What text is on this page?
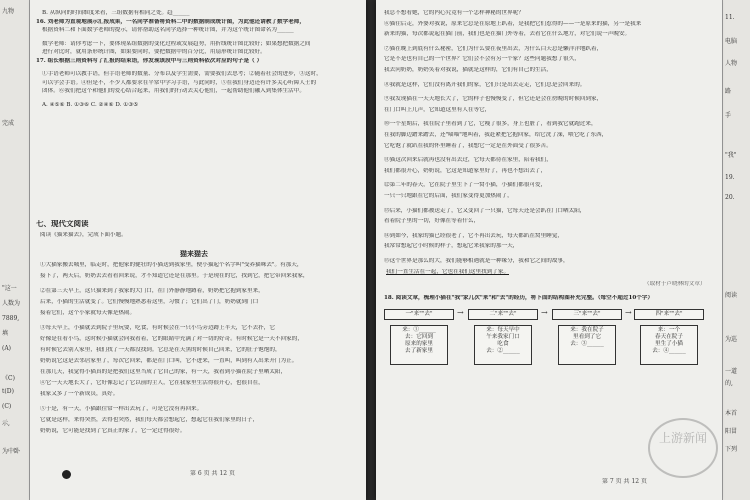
九物
完成
"这一
人数为
7889,
填
(A)
《C)
t(D)
(C)
示,
为中卧
11.
电脑
人物
路
手
"我"
19.
20.
阅读
为巡
一道
的,
本首
阳冒
下列
七、现代文阅读
阅读《猫来猫去》，完成下面小题。
猫来猫去
第 6 页 共 12 页
B. 从纵向的时间维度来看，三组数据有相同之处。趋______
16. 刘老师为直观地展示汇报成果，一名同学准备将资料二中的数据制成统计图，为此他还请教了数学老师，
根据资料二和下面数学老师的提示，请你帮助这名同学选择一种统计图，并为这个统计图命名为______
数学老师：请你考虑一下，要体现某组数据的变化过程或发展趋势，用折线统计图比较好；如果想把数据之间
进行对比时，就用条形统计图，如果要同时，要把数据中的百分比，用扇形统计图比较好。
17. 组长根据三则资料写了汇报的结束语，你发现该段中与三则资料依次对应的句子是（ ）
①手语老师可以教手语，但手语老师的数量、分布以及学生需要，需要我们去思考；②随着社会的进步，③这时，
可以学会手语。④但是不，不少人都要求在平常中学习手语，与此同时，⑤在我们身边还有许多关心听障人士的
团体。⑥我们把这个和他们的爱心结合起来，用我们的行动去关心他们，一起帮助他们融入到集体生活中。
A. ④⑤⑥ B. ①③⑥ C. ②④⑥ D. ①③⑤
①大猫家搬去城里，临走时，把他家的健壮的小猫送到我家里，便小猫起个名字叫"受养猫咪去"。有那天，
接下了，两天后，奶奶去去看看回来说，才不知道它还是在那里。于是现在的它，找到它，把它带回来我家，
②在第三天早上，这只猫来到了我家的大门口，在门外静静地蹲着，奶奶把它抱到家里来，
后来，小猫的生活就变了。它们慢慢地熟悉着这里，习惯了；它们出了门，奶奶就到门口
接着它们，这个小家就每天像是热闹。
③每天早上，小猫就去到院子里玩耍，吃食，有时候会在一只小鸟旁边蹲上半天，它不去扑，它
好像是在看小鸟，这时候小猫就会向我看着，它的眼睛中充满了对一切的好奇。有时候它是一天不回家的，
有时候它去别人家里，我们找了一天都没找到。它总是在天黑的时候自己回来，它的肚子饱饱的，
奶奶说它这是去邻居家里了，每次它回来，都是在门口叫，它不进来，一直叫，叫到有人出来开门为止。
在那几天，我觉得小猫真的是把我们这里当成了它自己的家，有一天，我看到小猫在院子里晒太阳，
④它一天天地长大了，它好像忘记了它以前的主人，它在我家里生活得很开心，也很自在，
我家又多了一个新成员，真好。
⑤于是，有一天，小猫跟往常一样出去玩了，可是它没有再回来。
它就是这样，来得突然，去得也突然，我们每天都会想起它，想起它在我们家里的日子，
奶奶说，它可能是找到了它真正的家了，它一定过得很好。
我们一直生活在一起，它也在我们这里找到了家。
（取材于卢晓林的文章）
18. 阅读文章，梳理小猫在"我"家几次"来"和"去"的经历，将下面的结构图补充完整。（每空不超过10个字）
第 7 页 共 12 页
我总不想看她，它的内心究竟有一个怎样神秘的世界呢？
⑥猫往后走，外婆对我说，原来它总是在原地上趴着，是我把它们惹得的——一是原来的猫，另一是我来
新来的猫，每次都说起在猫门前，我们也是在猫门外等着，去看它在什么地方，对它们说一声晚安。
⑦猫在晚上到底有什么秘密，它们为什么要在夜里出去，为什么白天总是懒洋洋地趴着，
它是不是也有自己的一个世界？它们会不会有另一个家？这些问题我想了很久，
我去问奶奶，奶奶笑着对我说，猫就是这样的，它们有自己的生活，
⑧我就是这样，它们没有离开我们的家，它们只是出去走走，它们总是会回来的。
⑨我发现猫在一天天地长大了，它的样子也慢慢变了，但它还是会在傍晚的时候回到家，
在门口叫上几声，它知道这里有人在等它，
⑩一个星期后，我在院子里看到了它，它瘦了很多，身上也脏了，看到我它就跑过来，
在我的脚边蹭来蹭去，还"喵喵"地叫着，我赶紧把它抱回家，给它洗了澡，喂它吃了东西，
它吃饱了就趴在我的怀里睡着了，我想它一定是在外面受了很多苦。
⑪猫这次回来后就再也没有出去过，它每天都待在家里，陪着我们，
我们都很开心，奶奶说，它这是知道家里好了，再也不想出去了，
⑫第二年的春天，它在院子里生下了一窝小猫，小猫们都很可爱，
一只一只地跟在它的后面，我们家变得更加热闹了，
⑬后来，小猫们都被送走了，它又变回了一只猫，它每天还是会趴在门口晒太阳，
看着院子里的一切，好像在等着什么，
⑭到如今，我家的猫已经很老了，它不再出去玩，每天都趴在窝里睡觉，
我常常想起它小时候的样子，想起它来我家的那一天，
⑮这个世界是那么的大，我们能够相遇就是一种缘分，我和它之间的故事，
一"来""去"	→
来：①______
去：它回到
原来的家里
去了新家里
二"来""去"	→
来：每天早中
午来我家门口
吃食
去：②______
三"来""去"	→
来：我在院子
里看到了它
去：③______
四"来""去"
来：一个
春天在院子
里生了小猫
去：④______
上游新闻
